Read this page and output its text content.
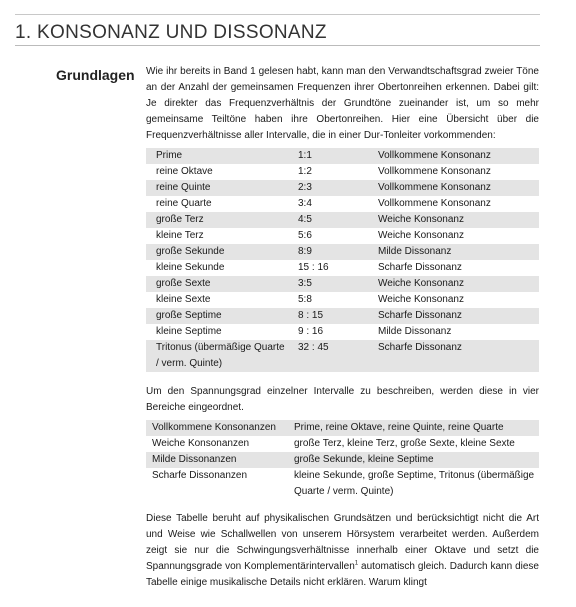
1. KONSONANZ UND DISSONANZ
Grundlagen Wie ihr bereits in Band 1 gelesen habt, kann man den Verwandtschaftsgrad zweier Töne an der Anzahl der gemeinsamen Frequenzen ihrer Obertonreihen erkennen. Dabei gilt: Je direkter das Frequenzverhältnis der Grundtöne zueinander ist, um so mehr gemeinsame Teiltöne haben ihre Obertonreihen. Hier eine Übersicht über die Frequenzverhältnisse aller Intervalle, die in einer Dur-Tonleiter vorkommenden:

Prime	1:1	Vollkommene Konsonanz
reine Oktave	1:2	Vollkommene Konsonanz
reine Quinte	2:3	Vollkommene Konsonanz
reine Quarte	3:4	Vollkommene Konsonanz
große Terz	4:5	Weiche Konsonanz
kleine Terz	5:6	Weiche Konsonanz
große Sekunde	8:9	Milde Dissonanz
kleine Sekunde	15 : 16	Scharfe Dissonanz
große Sexte	3:5	Weiche Konsonanz
kleine Sexte	5:8	Weiche Konsonanz
große Septime	8 : 15	Scharfe Dissonanz
kleine Septime	9 : 16	Milde Dissonanz
Tritonus (übermäßige Quarte / verm. Quinte)	32 : 45	Scharfe Dissonanz

Um den Spannungsgrad einzelner Intervalle zu beschreiben, werden diese in vier Bereiche eingeordnet.

Vollkommene Konsonanzen	Prime, reine Oktave, reine Quinte, reine Quarte
Weiche Konsonanzen	große Terz, kleine Terz, große Sexte, kleine Sexte
Milde Dissonanzen	große Sekunde, kleine Septime
Scharfe Dissonanzen	kleine Sekunde, große Septime, Tritonus (übermäßige Quarte / verm. Quinte)

Diese Tabelle beruht auf physikalischen Grundsätzen und berücksichtigt nicht die Art und Weise wie Schallwellen von unserem Hörsystem verarbeitet werden. Außerdem zeigt sie nur die Schwingungsverhältnisse innerhalb einer Oktave und setzt die Spannungsgrade von Komplementärintervallen$^1$ automatisch gleich. Dadurch kann diese Tabelle einige musikalische Details nicht erklären. Warum klingt
